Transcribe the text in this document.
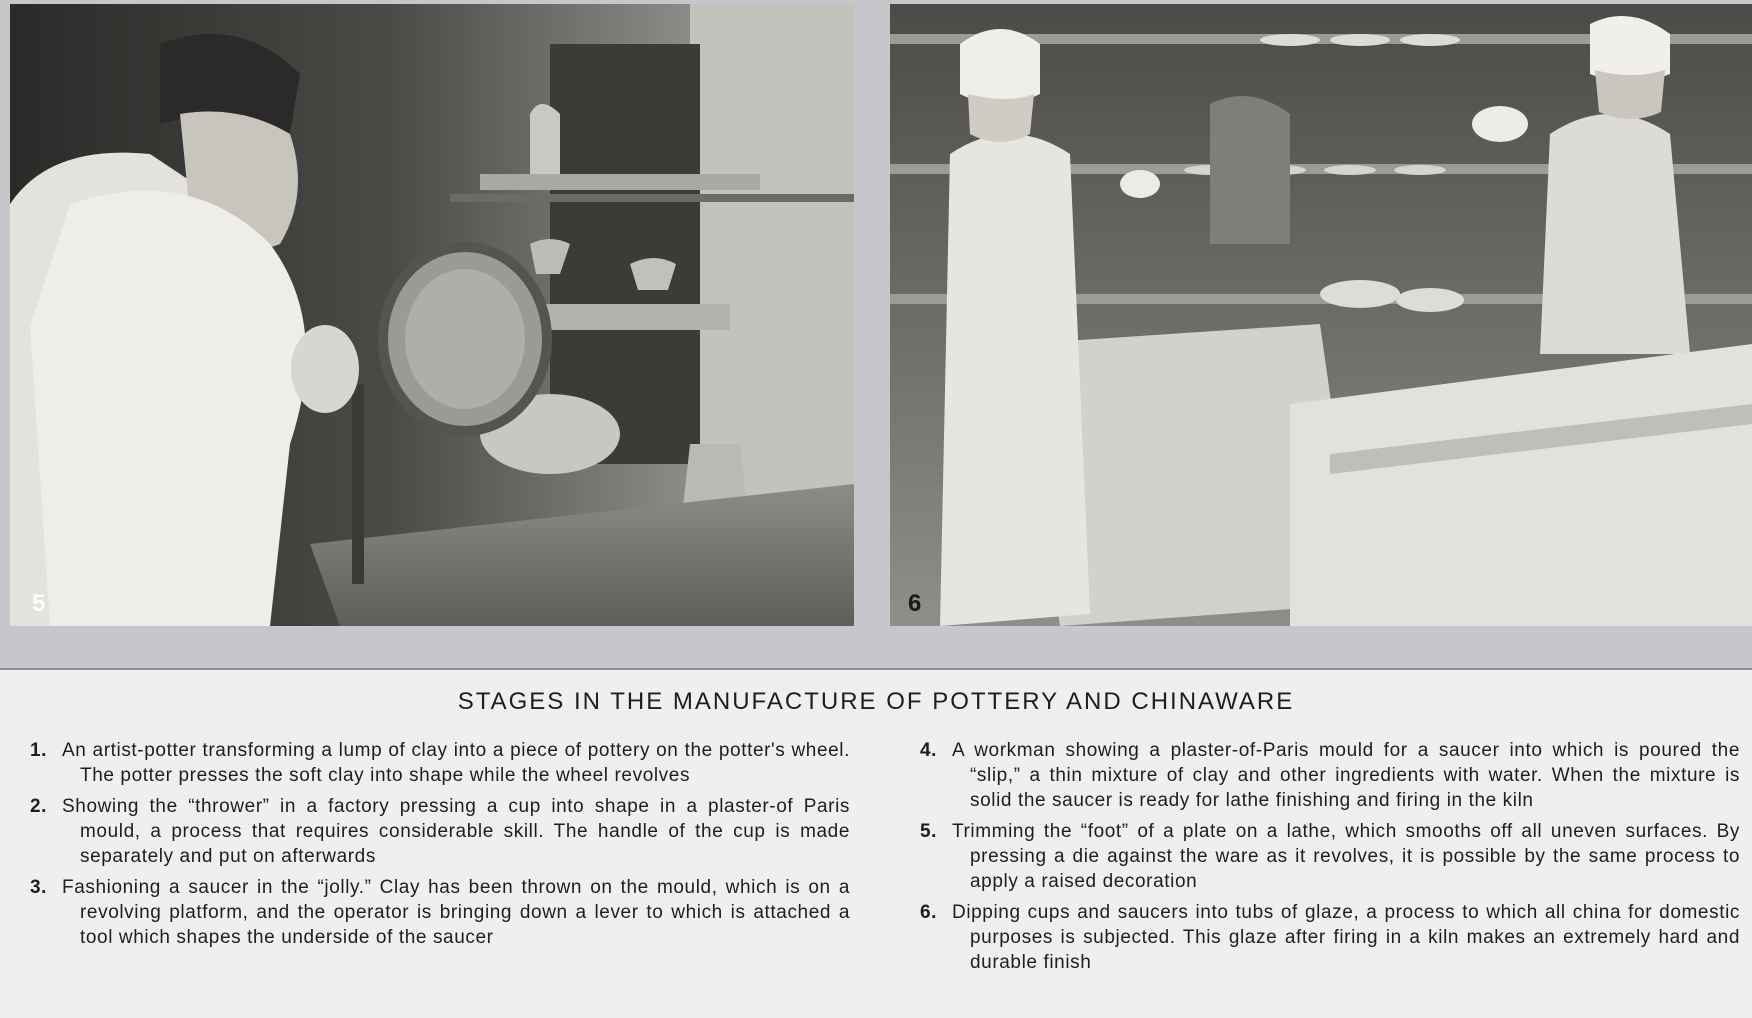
5	6
STAGES IN THE MANUFACTURE OF POTTERY AND CHINAWARE
1. An artist-potter transforming a lump of clay into a piece of pottery on the potter's wheel. The potter presses the soft clay into shape while the wheel revolves
2. Showing the “thrower” in a factory pressing a cup into shape in a plaster-of Paris mould, a process that requires considerable skill. The handle of the cup is made separately and put on afterwards
3. Fashioning a saucer in the “jolly.” Clay has been thrown on the mould, which is on a revolving platform, and the operator is bringing down a lever to which is attached a tool which shapes the underside of the saucer
4. A workman showing a plaster-of-Paris mould for a saucer into which is poured the “slip,” a thin mixture of clay and other ingredients with water. When the mixture is solid the saucer is ready for lathe finishing and firing in the kiln
5. Trimming the “foot” of a plate on a lathe, which smooths off all uneven surfaces. By pressing a die against the ware as it revolves, it is possible by the same process to apply a raised decoration
6. Dipping cups and saucers into tubs of glaze, a process to which all china for domestic purposes is subjected. This glaze after firing in a kiln makes an extremely hard and durable finish
